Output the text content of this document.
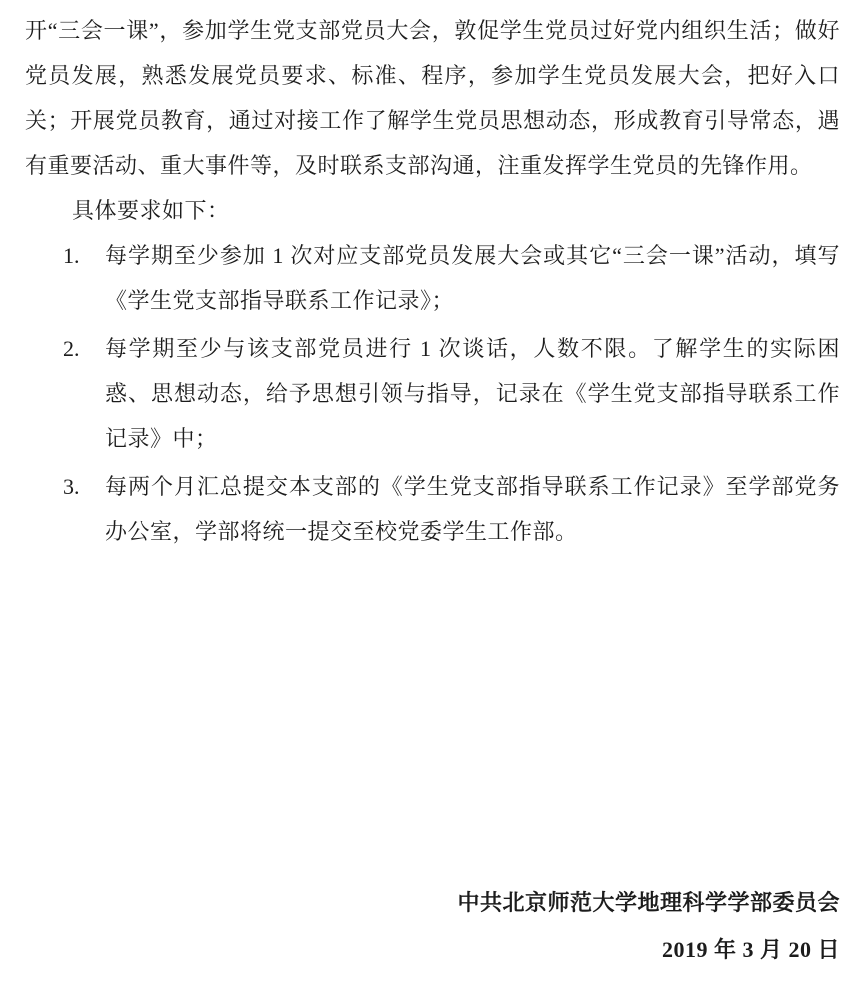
开“三会一课”，参加学生党支部党员大会，敦促学生党员过好党内组织生活；做好党员发展，熟悉发展党员要求、标准、程序，参加学生党员发展大会，把好入口关；开展党员教育，通过对接工作了解学生党员思想动态，形成教育引导常态，遇有重要活动、重大事件等，及时联系支部沟通，注重发挥学生党员的先锋作用。

具体要求如下：

1.	每学期至少参加 1 次对应支部党员发展大会或其它“三会一课”活动，填写《学生党支部指导联系工作记录》；
2.	每学期至少与该支部党员进行 1 次谈话，人数不限。了解学生的实际困惑、思想动态，给予思想引领与指导，记录在《学生党支部指导联系工作记录》中；
3.	每两个月汇总提交本支部的《学生党支部指导联系工作记录》至学部党务办公室，学部将统一提交至校党委学生工作部。
中共北京师范大学地理科学学部委员会
2019 年 3 月 20 日
